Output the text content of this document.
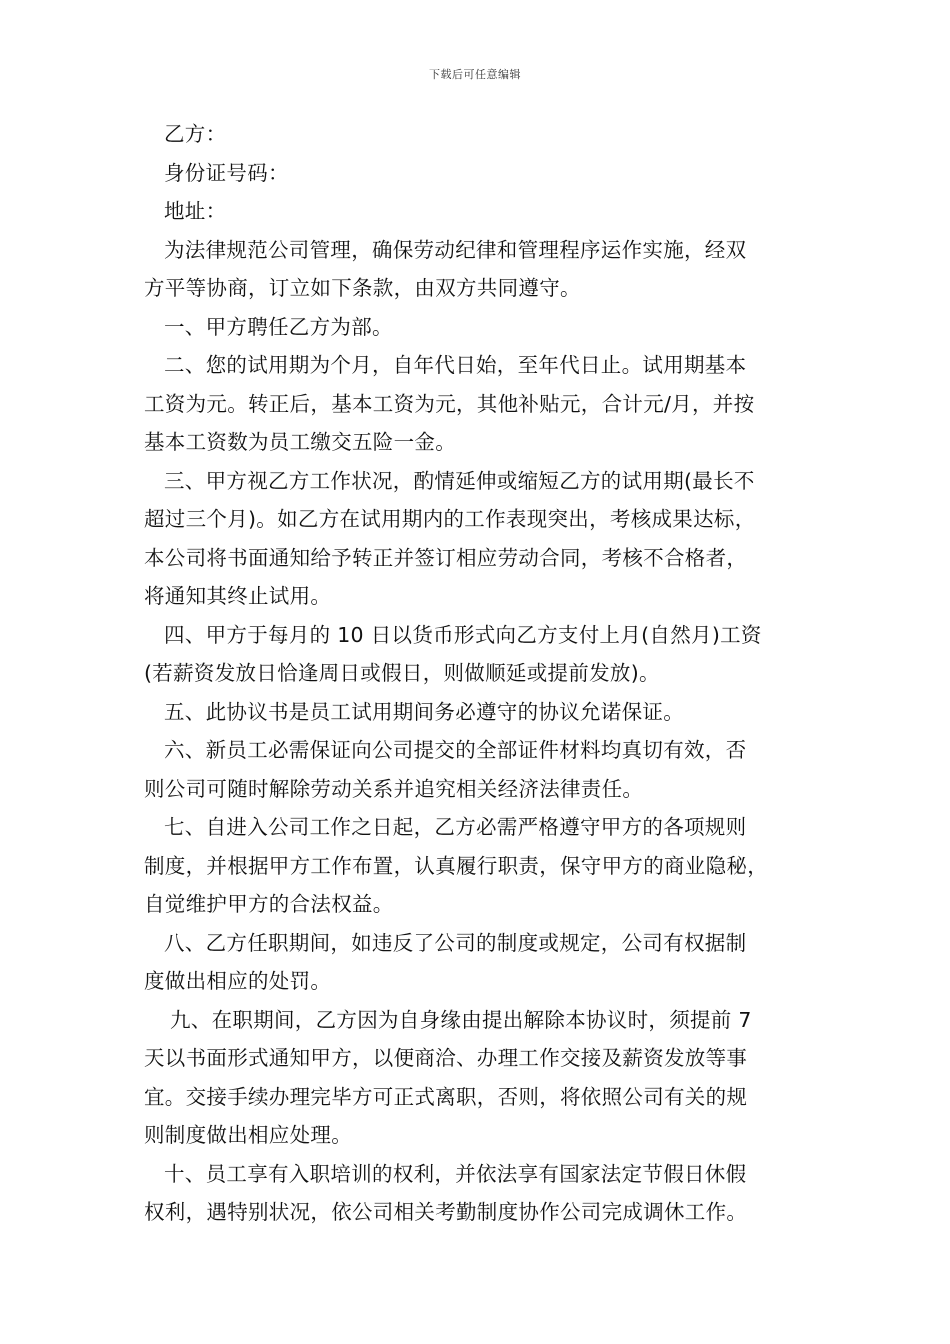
下载后可任意编辑
乙方：
身份证号码：
地址：
为法律规范公司管理，确保劳动纪律和管理程序运作实施，经双
方平等协商，订立如下条款，由双方共同遵守。
一、甲方聘任乙方为部。
二、您的试用期为个月，自年代日始，至年代日止。试用期基本
工资为元。转正后，基本工资为元，其他补贴元，合计元/月，并按
基本工资数为员工缴交五险一金。
三、甲方视乙方工作状况，酌情延伸或缩短乙方的试用期(最长不
超过三个月)。如乙方在试用期内的工作表现突出，考核成果达标，
本公司将书面通知给予转正并签订相应劳动合同，考核不合格者，
将通知其终止试用。
四、甲方于每月的 10 日以货币形式向乙方支付上月(自然月)工资
(若薪资发放日恰逢周日或假日，则做顺延或提前发放)。
五、此协议书是员工试用期间务必遵守的协议允诺保证。
六、新员工必需保证向公司提交的全部证件材料均真切有效，否
则公司可随时解除劳动关系并追究相关经济法律责任。
七、自进入公司工作之日起，乙方必需严格遵守甲方的各项规则
制度，并根据甲方工作布置，认真履行职责，保守甲方的商业隐秘，
自觉维护甲方的合法权益。
八、乙方任职期间，如违反了公司的制度或规定，公司有权据制
度做出相应的处罚。
九、在职期间，乙方因为自身缘由提出解除本协议时，须提前 7
天以书面形式通知甲方，以便商洽、办理工作交接及薪资发放等事
宜。交接手续办理完毕方可正式离职，否则，将依照公司有关的规
则制度做出相应处理。
十、员工享有入职培训的权利，并依法享有国家法定节假日休假
权利，遇特别状况，依公司相关考勤制度协作公司完成调休工作。
